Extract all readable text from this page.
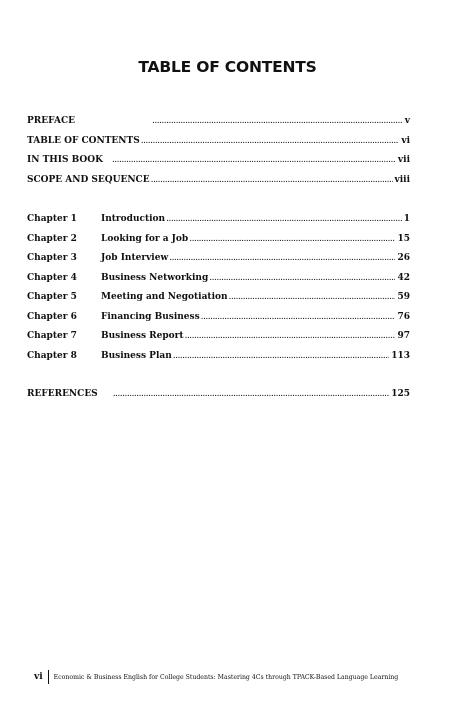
TABLE OF CONTENTS
PREFACE .....	v
TABLE OF CONTENTS .....	vi
IN THIS BOOK .....	vii
SCOPE AND SEQUENCE .....	viii
Chapter 1	Introduction .....	1
Chapter 2	Looking for a Job .....	15
Chapter 3	Job Interview .....	26
Chapter 4	Business Networking .....	42
Chapter 5	Meeting and Negotiation .....	59
Chapter 6	Financing Business .....	76
Chapter 7	Business Report .....	97
Chapter 8	Business Plan .....	113
REFERENCES .....	125
vi Economic & Business English for College Students: Mastering 4Cs through TPACK-Based Language Learning
